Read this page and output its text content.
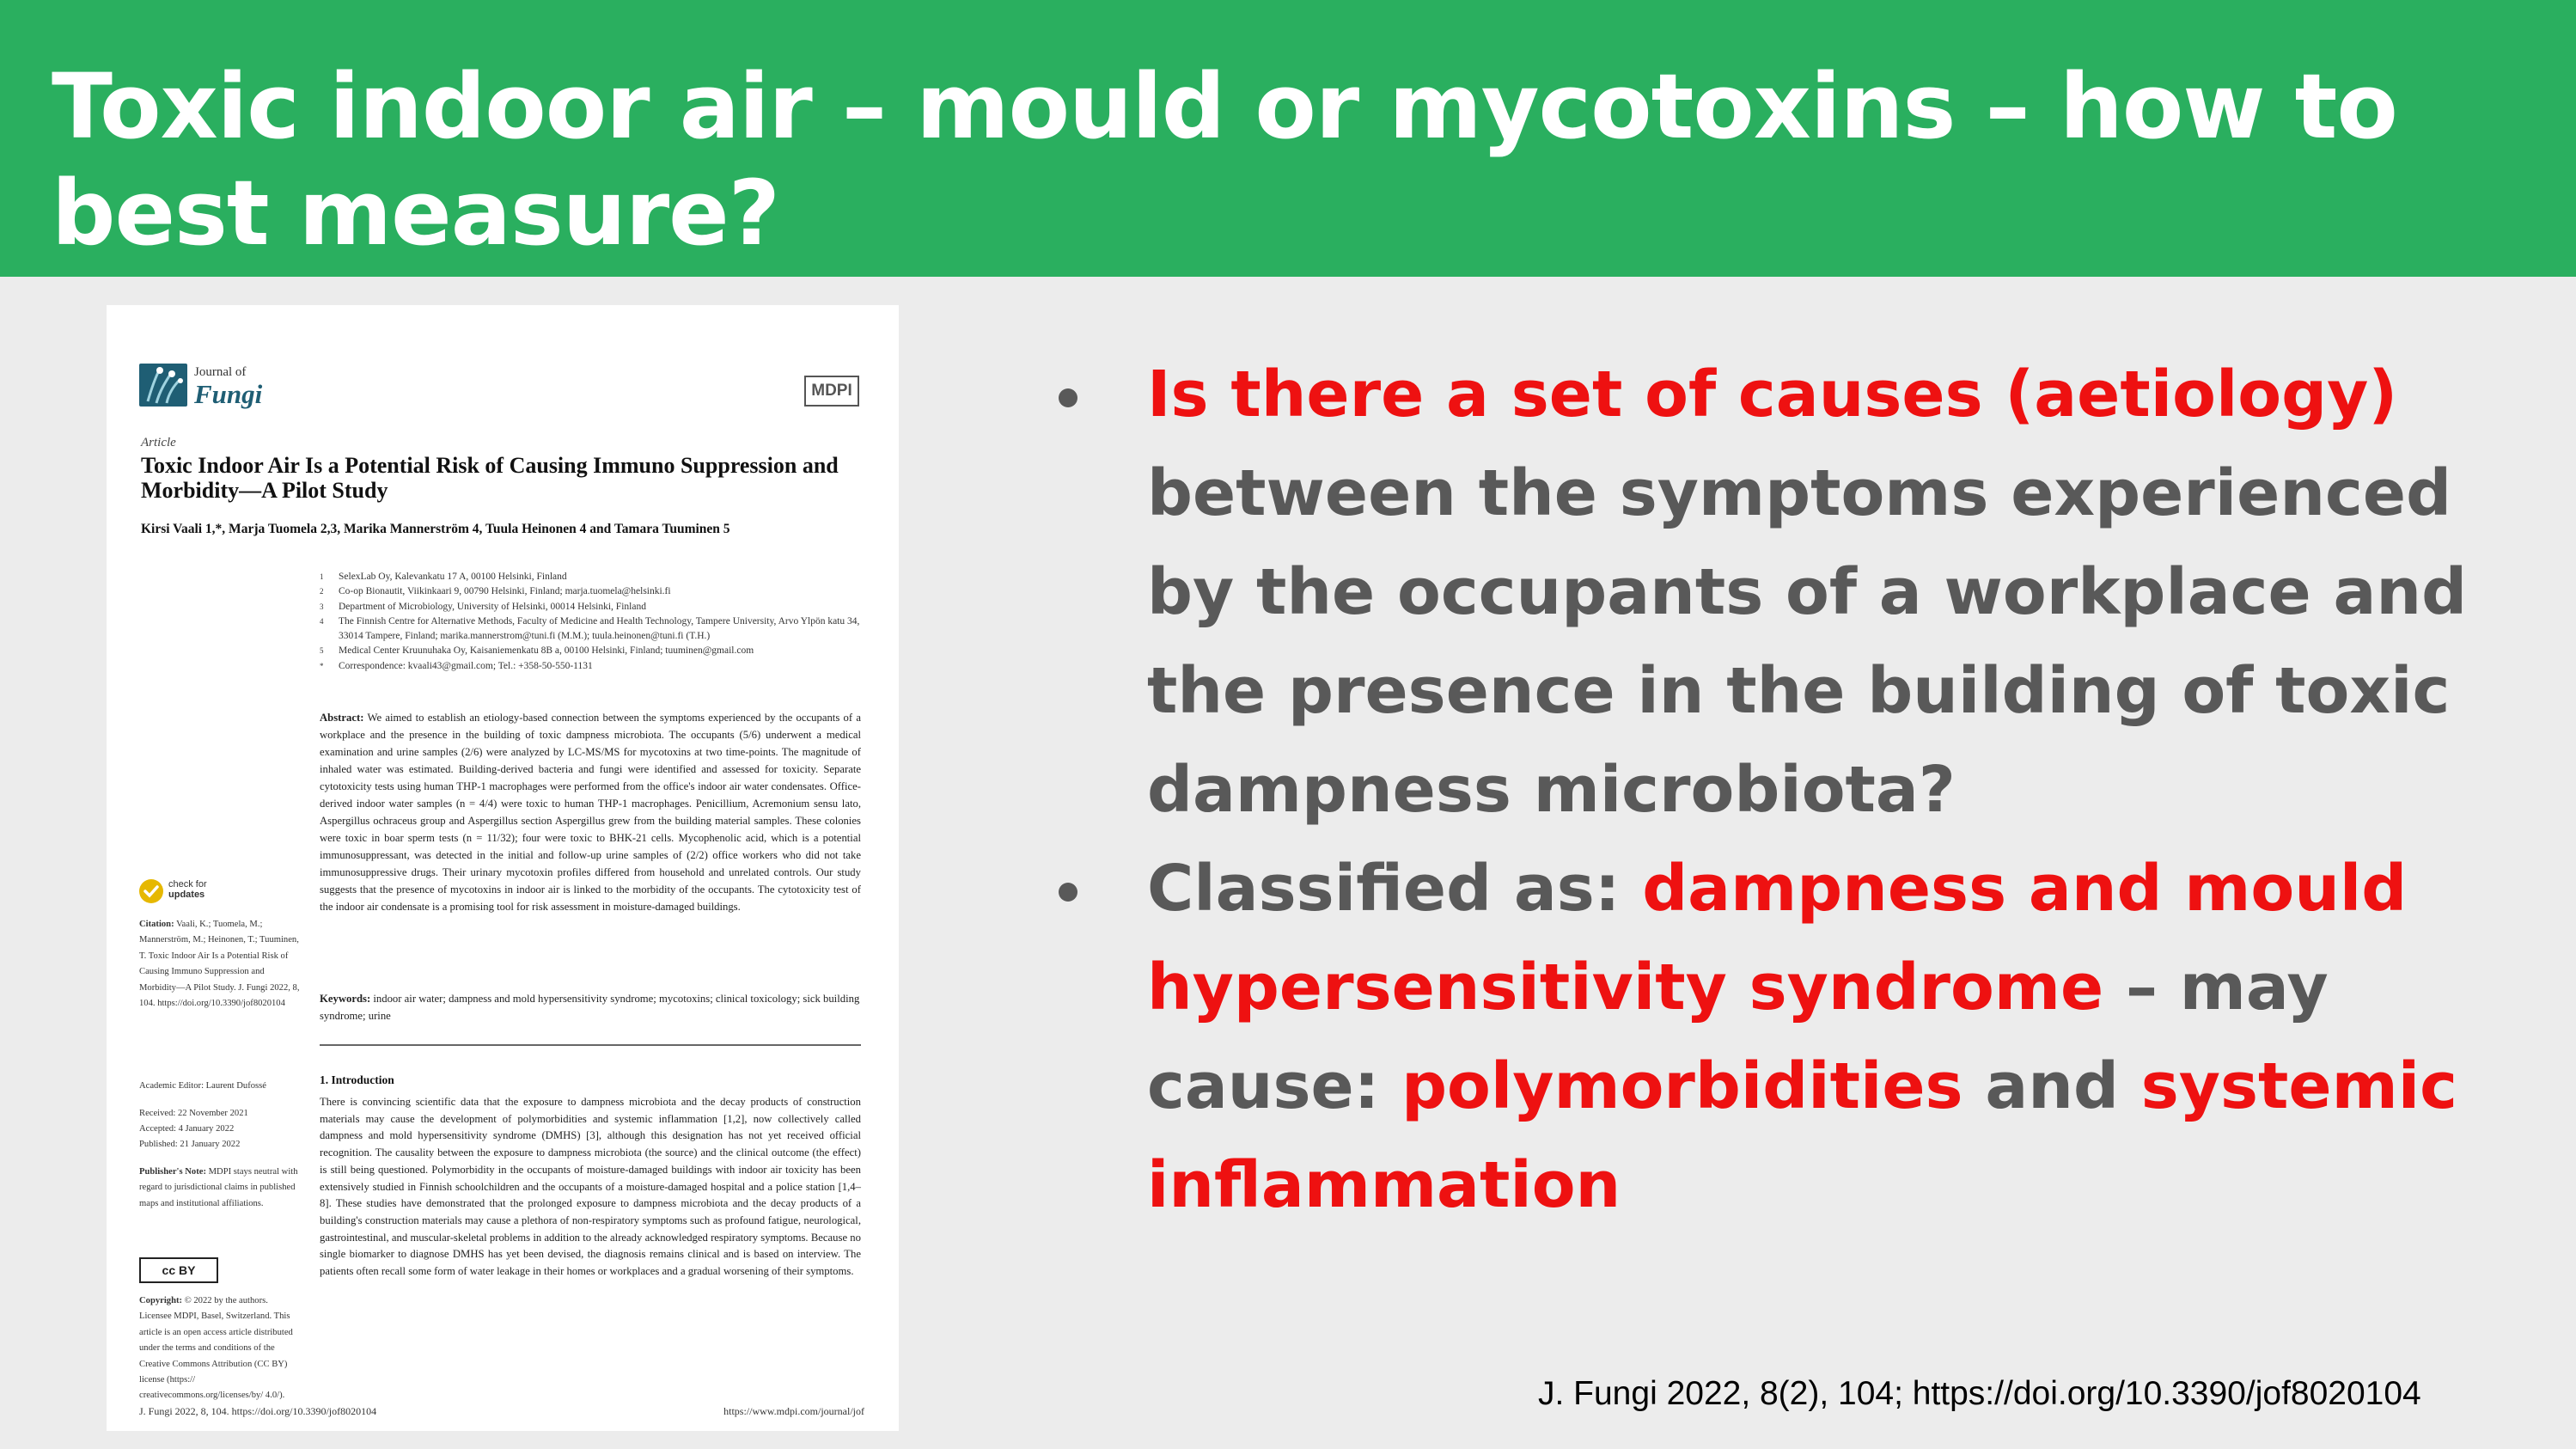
Toxic indoor air – mould or mycotoxins – how to best measure?
Journal of
Fungi	MDPI
Article
Toxic Indoor Air Is a Potential Risk of Causing Immuno Suppression and Morbidity—A Pilot Study
Kirsi Vaali 1,*, Marja Tuomela 2,3, Marika Mannerström 4, Tuula Heinonen 4 and Tamara Tuuminen 5
1	SelexLab Oy, Kalevankatu 17 A, 00100 Helsinki, Finland
2	Co-op Bionautit, Viikinkaari 9, 00790 Helsinki, Finland; marja.tuomela@helsinki.fi
3	Department of Microbiology, University of Helsinki, 00014 Helsinki, Finland
4	The Finnish Centre for Alternative Methods, Faculty of Medicine and Health Technology, Tampere University, Arvo Ylpön katu 34, 33014 Tampere, Finland; marika.mannerstrom@tuni.fi (M.M.); tuula.heinonen@tuni.fi (T.H.)
5	Medical Center Kruunuhaka Oy, Kaisaniemenkatu 8B a, 00100 Helsinki, Finland; tuuminen@gmail.com
*	Correspondence: kvaali43@gmail.com; Tel.: +358-50-550-1131
Abstract: We aimed to establish an etiology-based connection between the symptoms experienced by the occupants of a workplace and the presence in the building of toxic dampness microbiota. The occupants (5/6) underwent a medical examination and urine samples (2/6) were analyzed by LC-MS/MS for mycotoxins at two time-points. The magnitude of inhaled water was estimated. Building-derived bacteria and fungi were identified and assessed for toxicity. Separate cytotoxicity tests using human THP-1 macrophages were performed from the office's indoor air water condensates. Office-derived indoor water samples (n = 4/4) were toxic to human THP-1 macrophages. Penicillium, Acremonium sensu lato, Aspergillus ochraceus group and Aspergillus section Aspergillus grew from the building material samples. These colonies were toxic in boar sperm tests (n = 11/32); four were toxic to BHK-21 cells. Mycophenolic acid, which is a potential immunosuppressant, was detected in the initial and follow-up urine samples of (2/2) office workers who did not take immunosuppressive drugs. Their urinary mycotoxin profiles differed from household and unrelated controls. Our study suggests that the presence of mycotoxins in indoor air is linked to the morbidity of the occupants. The cytotoxicity test of the indoor air condensate is a promising tool for risk assessment in moisture-damaged buildings.
Keywords: indoor air water; dampness and mold hypersensitivity syndrome; mycotoxins; clinical toxicology; sick building syndrome; urine
1. Introduction
There is convincing scientific data that the exposure to dampness microbiota and the decay products of construction materials may cause the development of polymorbidities and systemic inflammation [1,2], now collectively called dampness and mold hypersensitivity syndrome (DMHS) [3], although this designation has not yet received official recognition. The causality between the exposure to dampness microbiota (the source) and the clinical outcome (the effect) is still being questioned. Polymorbidity in the occupants of moisture-damaged buildings with indoor air toxicity has been extensively studied in Finnish schoolchildren and the occupants of a moisture-damaged hospital and a police station [1,4–8]. These studies have demonstrated that the prolonged exposure to dampness microbiota and the decay products of a building's construction materials may cause a plethora of non-respiratory symptoms such as profound fatigue, neurological, gastrointestinal, and muscular-skeletal problems in addition to the already acknowledged respiratory symptoms. Because no single biomarker to diagnose DMHS has yet been devised, the diagnosis remains clinical and is based on interview. The patients often recall some form of water leakage in their homes or workplaces and a gradual worsening of their symptoms.
check for
updates
Citation: Vaali, K.; Tuomela, M.; Mannerström, M.; Heinonen, T.; Tuuminen, T. Toxic Indoor Air Is a Potential Risk of Causing Immuno Suppression and Morbidity—A Pilot Study. J. Fungi 2022, 8, 104. https://doi.org/10.3390/jof8020104
Academic Editor: Laurent Dufossé
Received: 22 November 2021
Accepted: 4 January 2022
Published: 21 January 2022
Publisher's Note: MDPI stays neutral with regard to jurisdictional claims in published maps and institutional affiliations.
cc BY
Copyright: © 2022 by the authors. Licensee MDPI, Basel, Switzerland. This article is an open access article distributed under the terms and conditions of the Creative Commons Attribution (CC BY) license (https:// creativecommons.org/licenses/by/ 4.0/).
J. Fungi 2022, 8, 104. https://doi.org/10.3390/jof8020104	https://www.mdpi.com/journal/jof
Is there a set of causes (aetiology) between the symptoms experienced by the occupants of a workplace and the presence in the building of toxic dampness microbiota?
Classified as: dampness and mould hypersensitivity syndrome – may cause: polymorbidities and systemic inflammation
J. Fungi 2022, 8(2), 104; https://doi.org/10.3390/jof8020104
